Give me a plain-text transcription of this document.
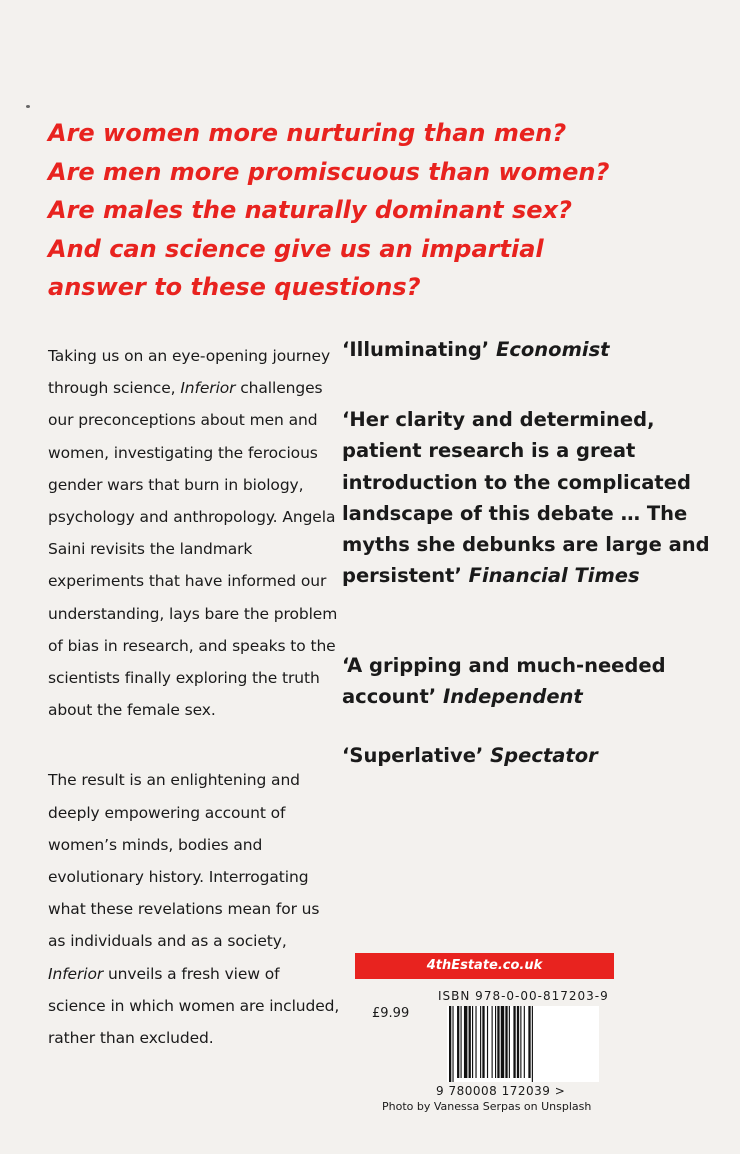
Are women more nurturing than men?
Are men more promiscuous than women?
Are males the naturally dominant sex?
And can science give us an impartial
answer to these questions?

Taking us on an eye-opening journey through science, Inferior challenges our preconceptions about men and women, investigating the ferocious gender wars that burn in biology, psychology and anthropology. Angela Saini revisits the landmark experiments that have informed our understanding, lays bare the problem of bias in research, and speaks to the scientists finally exploring the truth about the female sex.

The result is an enlightening and deeply empowering account of women’s minds, bodies and evolutionary history. Interrogating what these revelations mean for us as individuals and as a society, Inferior unveils a fresh view of science in which women are included, rather than excluded.

‘Illuminating’ Economist

‘Her clarity and determined, patient research is a great introduction to the complicated landscape of this debate … The myths she debunks are large and persistent’ Financial Times

‘A gripping and much-needed account’ Independent

‘Superlative’ Spectator

4thEstate.co.uk
ISBN 978-0-00-817203-9
£9.99
9 780008 172039 >
Photo by Vanessa Serpas on Unsplash
